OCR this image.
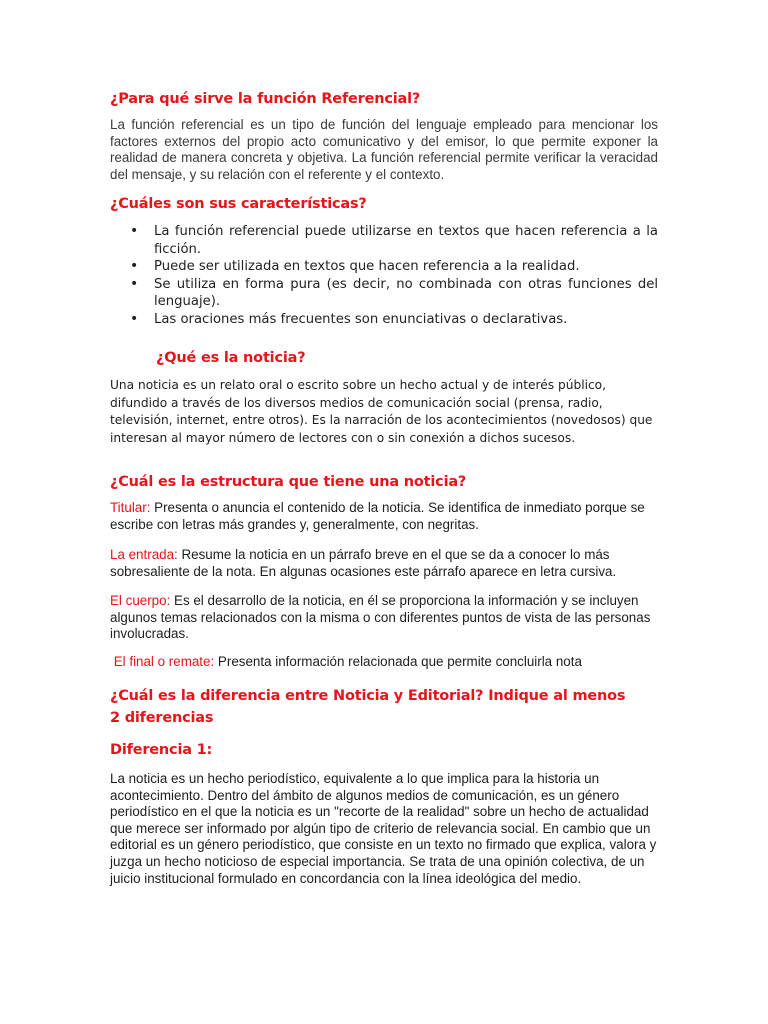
¿Para qué sirve la función Referencial?

La función referencial es un tipo de función del lenguaje empleado para mencionar los factores externos del propio acto comunicativo y del emisor, lo que permite exponer la realidad de manera concreta y objetiva. La función referencial permite verificar la veracidad del mensaje, y su relación con el referente y el contexto.

¿Cuáles son sus características?
• La función referencial puede utilizarse en textos que hacen referencia a la ficción.
• Puede ser utilizada en textos que hacen referencia a la realidad.
• Se utiliza en forma pura (es decir, no combinada con otras funciones del lenguaje).
• Las oraciones más frecuentes son enunciativas o declarativas.
¿Qué es la noticia?

Una noticia es un relato oral o escrito sobre un hecho actual y de interés público, difundido a través de los diversos medios de comunicación social (prensa, radio, televisión, internet, entre otros). Es la narración de los acontecimientos (novedosos) que interesan al mayor número de lectores con o sin conexión a dichos sucesos.

¿Cuál es la estructura que tiene una noticia?

Titular: Presenta o anuncia el contenido de la noticia. Se identifica de inmediato porque se escribe con letras más grandes y, generalmente, con negritas.

La entrada: Resume la noticia en un párrafo breve en el que se da a conocer lo más sobresaliente de la nota. En algunas ocasiones este párrafo aparece en letra cursiva.

El cuerpo: Es el desarrollo de la noticia, en él se proporciona la información y se incluyen algunos temas relacionados con la misma o con diferentes puntos de vista de las personas involucradas.

El final o remate: Presenta información relacionada que permite concluirla nota

¿Cuál es la diferencia entre Noticia y Editorial? Indique al menos 2 diferencias
Diferencia 1:

La noticia es un hecho periodístico, equivalente a lo que implica para la historia un acontecimiento. Dentro del ámbito de algunos medios de comunicación, es un género periodístico en el que la noticia es un "recorte de la realidad" sobre un hecho de actualidad que merece ser informado por algún tipo de criterio de relevancia social. En cambio que un editorial es un género periodístico, que consiste en un texto no firmado que explica, valora y juzga un hecho noticioso de especial importancia. Se trata de una opinión colectiva, de un juicio institucional formulado en concordancia con la línea ideológica del medio.
